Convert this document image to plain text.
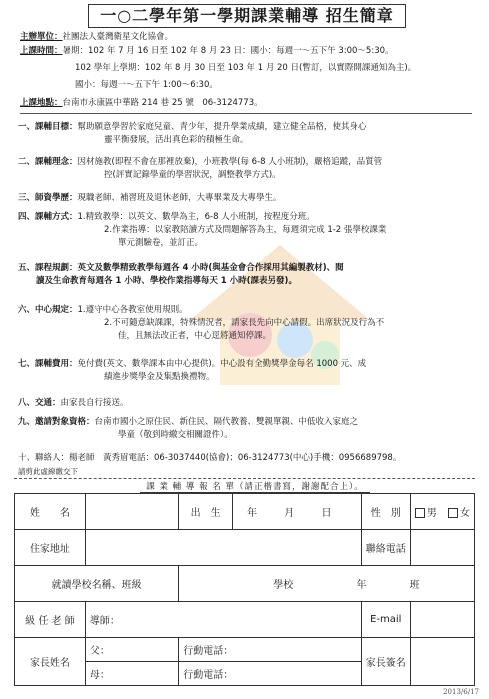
一○二學年第一學期課業輔導 招生簡章
主辦單位：社團法人臺灣衛星文化協會。
上課時間：暑期：102 年 7 月 16 日至 102 年 8 月 23 日：國小：每週一～五下午 3:00～5:30。
102 學年上學期：102 年 8 月 30 日至 103 年 1 月 20 日(暫訂，以實際開課通知為主)。
國小：每週一～五下午 1:00～6:30。
上課地點：台南市永康區中華路 214 巷 25 號　06-3124773。
一、課輔目標：幫助願意學習於家庭兒童、青少年，提升學業成績，建立健全品格，使其身心
靈平衡發展，活出真色彩的積極生命。
二、課輔理念：因材施教(即程不會在那裡放棄)，小班教學(每 6-8 人小班制)，嚴格追蹤，品質管
控(評實記錄學童的學習狀況，調整教學方式)。
三、師資學歷：現職老師、補習班及退休老師，大專畢業及大專學生。
四、課輔方式：1.精致教學：以英文、數學為主，6-8 人小班制，按程度分班。
2.作業指導：以家教陪讀方式及問題解答為主，每週須完成 1-2 張學校課業
單元測驗卷，並訂正。
五、課程規劃：英文及數學精致教學每週各 4 小時(與基金會合作採用其編製教材)、閱
讀及生命教育每週各 1 小時、學校作業指導每天 1 小時(課表另發)。
六、中心規定：1.遵守中心各教室使用規則。
2.不可隨意缺課課，特殊情況者，請家長先向中心請假。出席狀況及行為不
佳，且無法改正者，中心逕將通知停課。
七、課輔費用：免付費(英文、數學課本由中心提供)。中心設有全勤獎學金每名 1000 元、成
績進步獎學金及集點換禮物。
八、交通：由家長自行接送。
九、邀請對象資格：台南市國小之原住民、新住民、隔代教養、雙親單親、中低收入家庭之
學童（敬到時繳交相關證件）。
十、聯絡人：楊老師　黃秀眉電話：06-3037440(協會)；06-3124773(中心)手機：0956689798。
請剪此虛線繳交下
課 業 輔 導 報 名 單（請正楷書寫，謝謝配合上）。
姓　　名		出　生	年 月 日	性　別	男 女
住家地址				聯絡電話	
就讀學校名稱、班級		學校 年 班			
級 任 老 師	導師：			E-mail	
家長姓名	父：	行動電話：		家長簽名	
	母：	行動電話：			
2013/6/17
